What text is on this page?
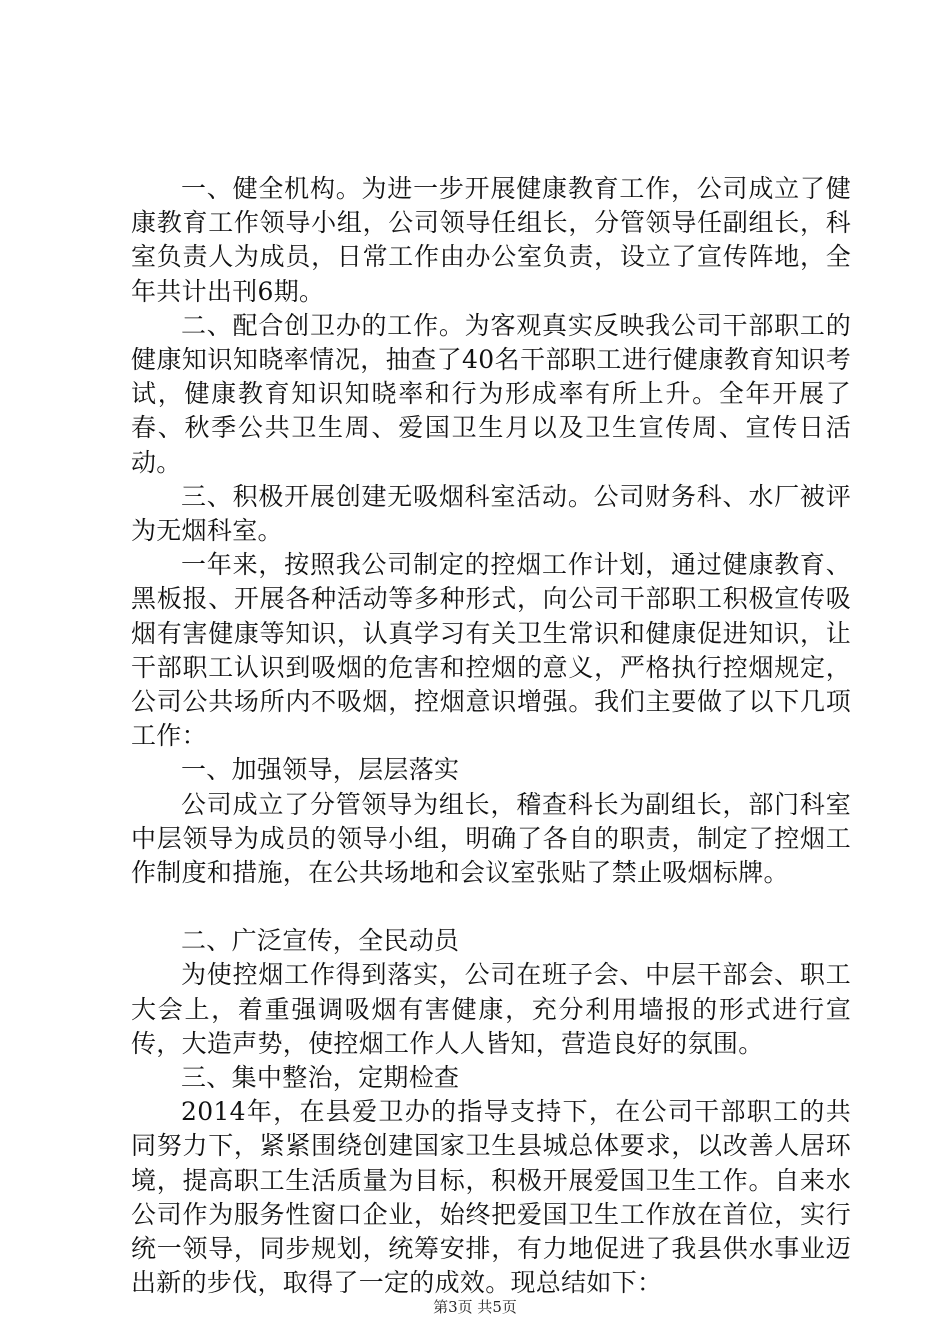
一、健全机构。为进一步开展健康教育工作，公司成立了健康教育工作领导小组，公司领导任组长，分管领导任副组长，科室负责人为成员，日常工作由办公室负责，设立了宣传阵地，全年共计出刊6期。

二、配合创卫办的工作。为客观真实反映我公司干部职工的健康知识知晓率情况，抽查了40名干部职工进行健康教育知识考试，健康教育知识知晓率和行为形成率有所上升。全年开展了春、秋季公共卫生周、爱国卫生月以及卫生宣传周、宣传日活动。

三、积极开展创建无吸烟科室活动。公司财务科、水厂被评为无烟科室。

一年来，按照我公司制定的控烟工作计划，通过健康教育、黑板报、开展各种活动等多种形式，向公司干部职工积极宣传吸烟有害健康等知识，认真学习有关卫生常识和健康促进知识，让干部职工认识到吸烟的危害和控烟的意义，严格执行控烟规定，公司公共场所内不吸烟，控烟意识增强。我们主要做了以下几项工作：

一、加强领导，层层落实

公司成立了分管领导为组长，稽查科长为副组长，部门科室中层领导为成员的领导小组，明确了各自的职责，制定了控烟工作制度和措施，在公共场地和会议室张贴了禁止吸烟标牌。

二、广泛宣传，全民动员

为使控烟工作得到落实，公司在班子会、中层干部会、职工大会上，着重强调吸烟有害健康，充分利用墙报的形式进行宣传，大造声势，使控烟工作人人皆知，营造良好的氛围。

三、集中整治，定期检查

2014年，在县爱卫办的指导支持下，在公司干部职工的共同努力下，紧紧围绕创建国家卫生县城总体要求，以改善人居环境，提高职工生活质量为目标，积极开展爱国卫生工作。自来水公司作为服务性窗口企业，始终把爱国卫生工作放在首位，实行统一领导，同步规划，统筹安排，有力地促进了我县供水事业迈出新的步伐，取得了一定的成效。现总结如下：

第3页 共5页
